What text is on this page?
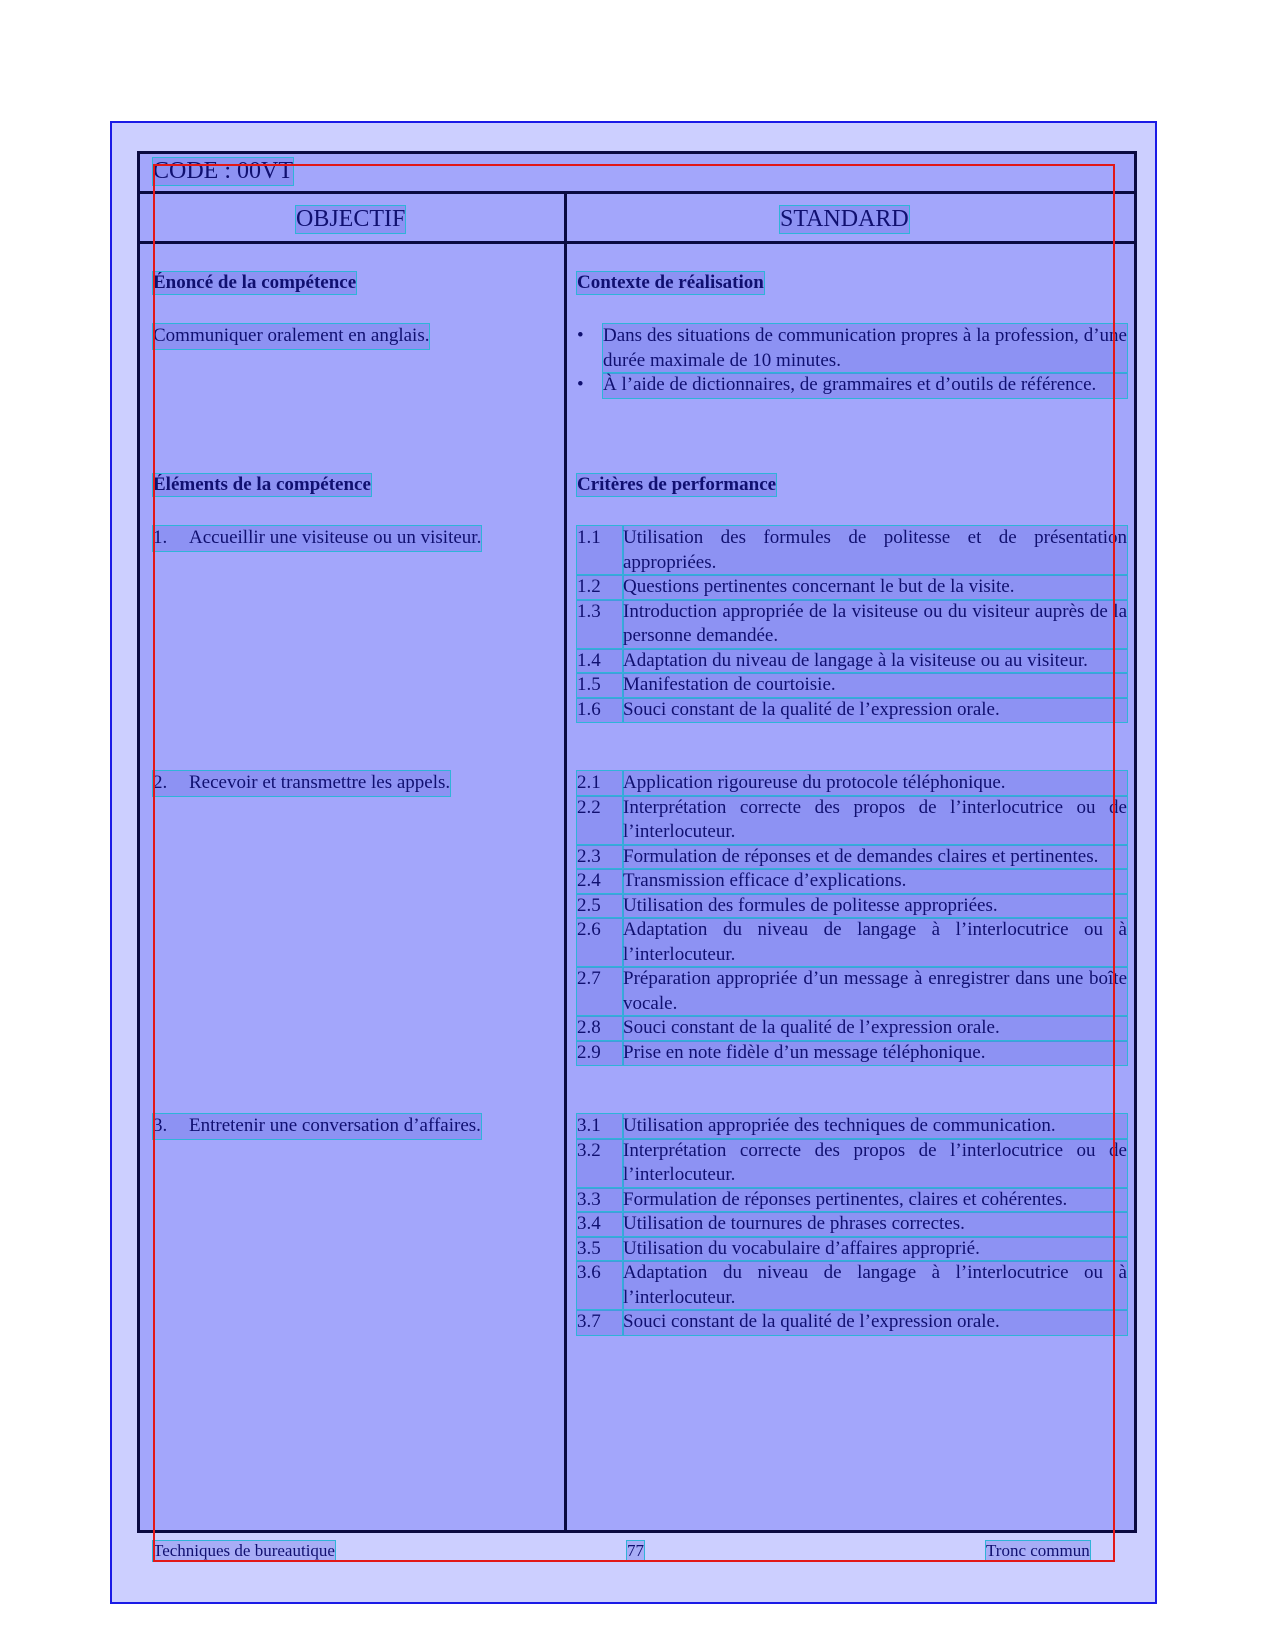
CODE : 00VT
OBJECTIF	STANDARD
Énoncé de la compétence	Contexte de réalisation
Communiquer oralement en anglais.	•	Dans des situations de communication propres à la profession, d’une durée maximale de 10 minutes.
•	À l’aide de dictionnaires, de grammaires et d’outils de référence.
Éléments de la compétence	Critères de performance
1.	Accueillir une visiteuse ou un visiteur.	1.1	Utilisation des formules de politesse et de présentation appropriées.
1.2	Questions pertinentes concernant le but de la visite.
1.3	Introduction appropriée de la visiteuse ou du visiteur auprès de la personne demandée.
1.4	Adaptation du niveau de langage à la visiteuse ou au visiteur.
1.5	Manifestation de courtoisie.
1.6	Souci constant de la qualité de l’expression orale.
2.	Recevoir et transmettre les appels.	2.1	Application rigoureuse du protocole téléphonique.
2.2	Interprétation correcte des propos de l’interlocutrice ou de l’interlocuteur.
2.3	Formulation de réponses et de demandes claires et pertinentes.
2.4	Transmission efficace d’explications.
2.5	Utilisation des formules de politesse appropriées.
2.6	Adaptation du niveau de langage à l’interlocutrice ou à l’interlocuteur.
2.7	Préparation appropriée d’un message à enregistrer dans une boîte vocale.
2.8	Souci constant de la qualité de l’expression orale.
2.9	Prise en note fidèle d’un message téléphonique.
3.	Entretenir une conversation d’affaires.	3.1	Utilisation appropriée des techniques de communication.
3.2	Interprétation correcte des propos de l’interlocutrice ou de l’interlocuteur.
3.3	Formulation de réponses pertinentes, claires et cohérentes.
3.4	Utilisation de tournures de phrases correctes.
3.5	Utilisation du vocabulaire d’affaires approprié.
3.6	Adaptation du niveau de langage à l’interlocutrice ou à l’interlocuteur.
3.7	Souci constant de la qualité de l’expression orale.
Techniques de bureautique	77	Tronc commun
